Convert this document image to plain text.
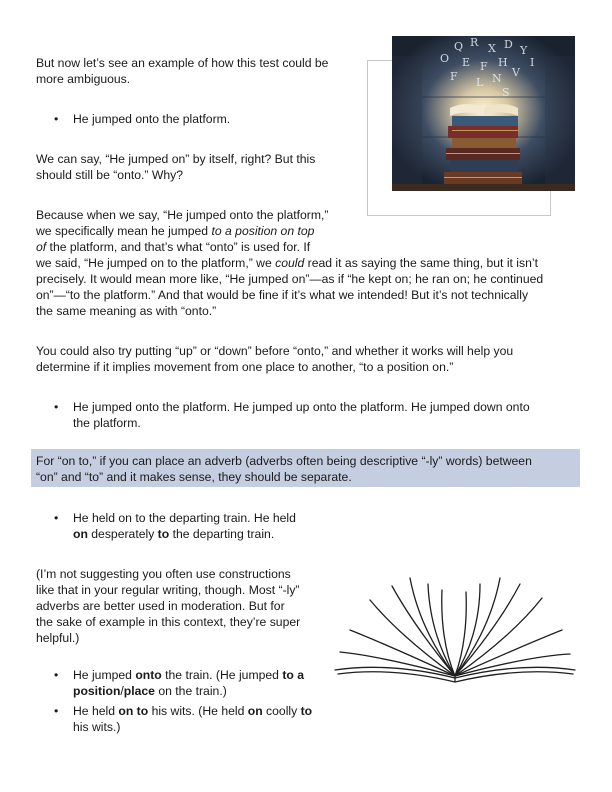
But now let’s see an example of how this test could be

more ambiguous.

• He jumped onto the platform.

We can say, “He jumped on” by itself, right? But this

should still be “onto.” Why?

Because when we say, “He jumped onto the platform,”

we specifically mean he jumped to a position on top

of the platform, and that’s what “onto” is used for. If

we said, “He jumped on to the platform,” we could read it as saying the same thing, but it isn’t

precisely. It would mean more like, “He jumped on”—as if “he kept on; he ran on; he continued

on”—“to the platform.” And that would be fine if it’s what we intended! But it’s not technically

the same meaning as with “onto.”

You could also try putting “up” or “down” before “onto,” and whether it works will help you

determine if it implies movement from one place to another, “to a position on.”

• He jumped onto the platform. He jumped up onto the platform. He jumped down onto
the platform.

For “on to,” if you can place an adverb (adverbs often being descriptive “-ly” words) between

“on” and “to” and it makes sense, they should be separate.

• He held on to the departing train. He held
on desperately to the departing train.

(I’m not suggesting you often use constructions

like that in your regular writing, though. Most “-ly”

adverbs are better used in moderation. But for

the sake of example in this context, they’re super

helpful.)

• He jumped onto the train. (He jumped to a
position/place on the train.)
• He held on to his wits. (He held on coolly to
his wits.)
Q R X D Y
E F H
F	V
L N
I
O
S
